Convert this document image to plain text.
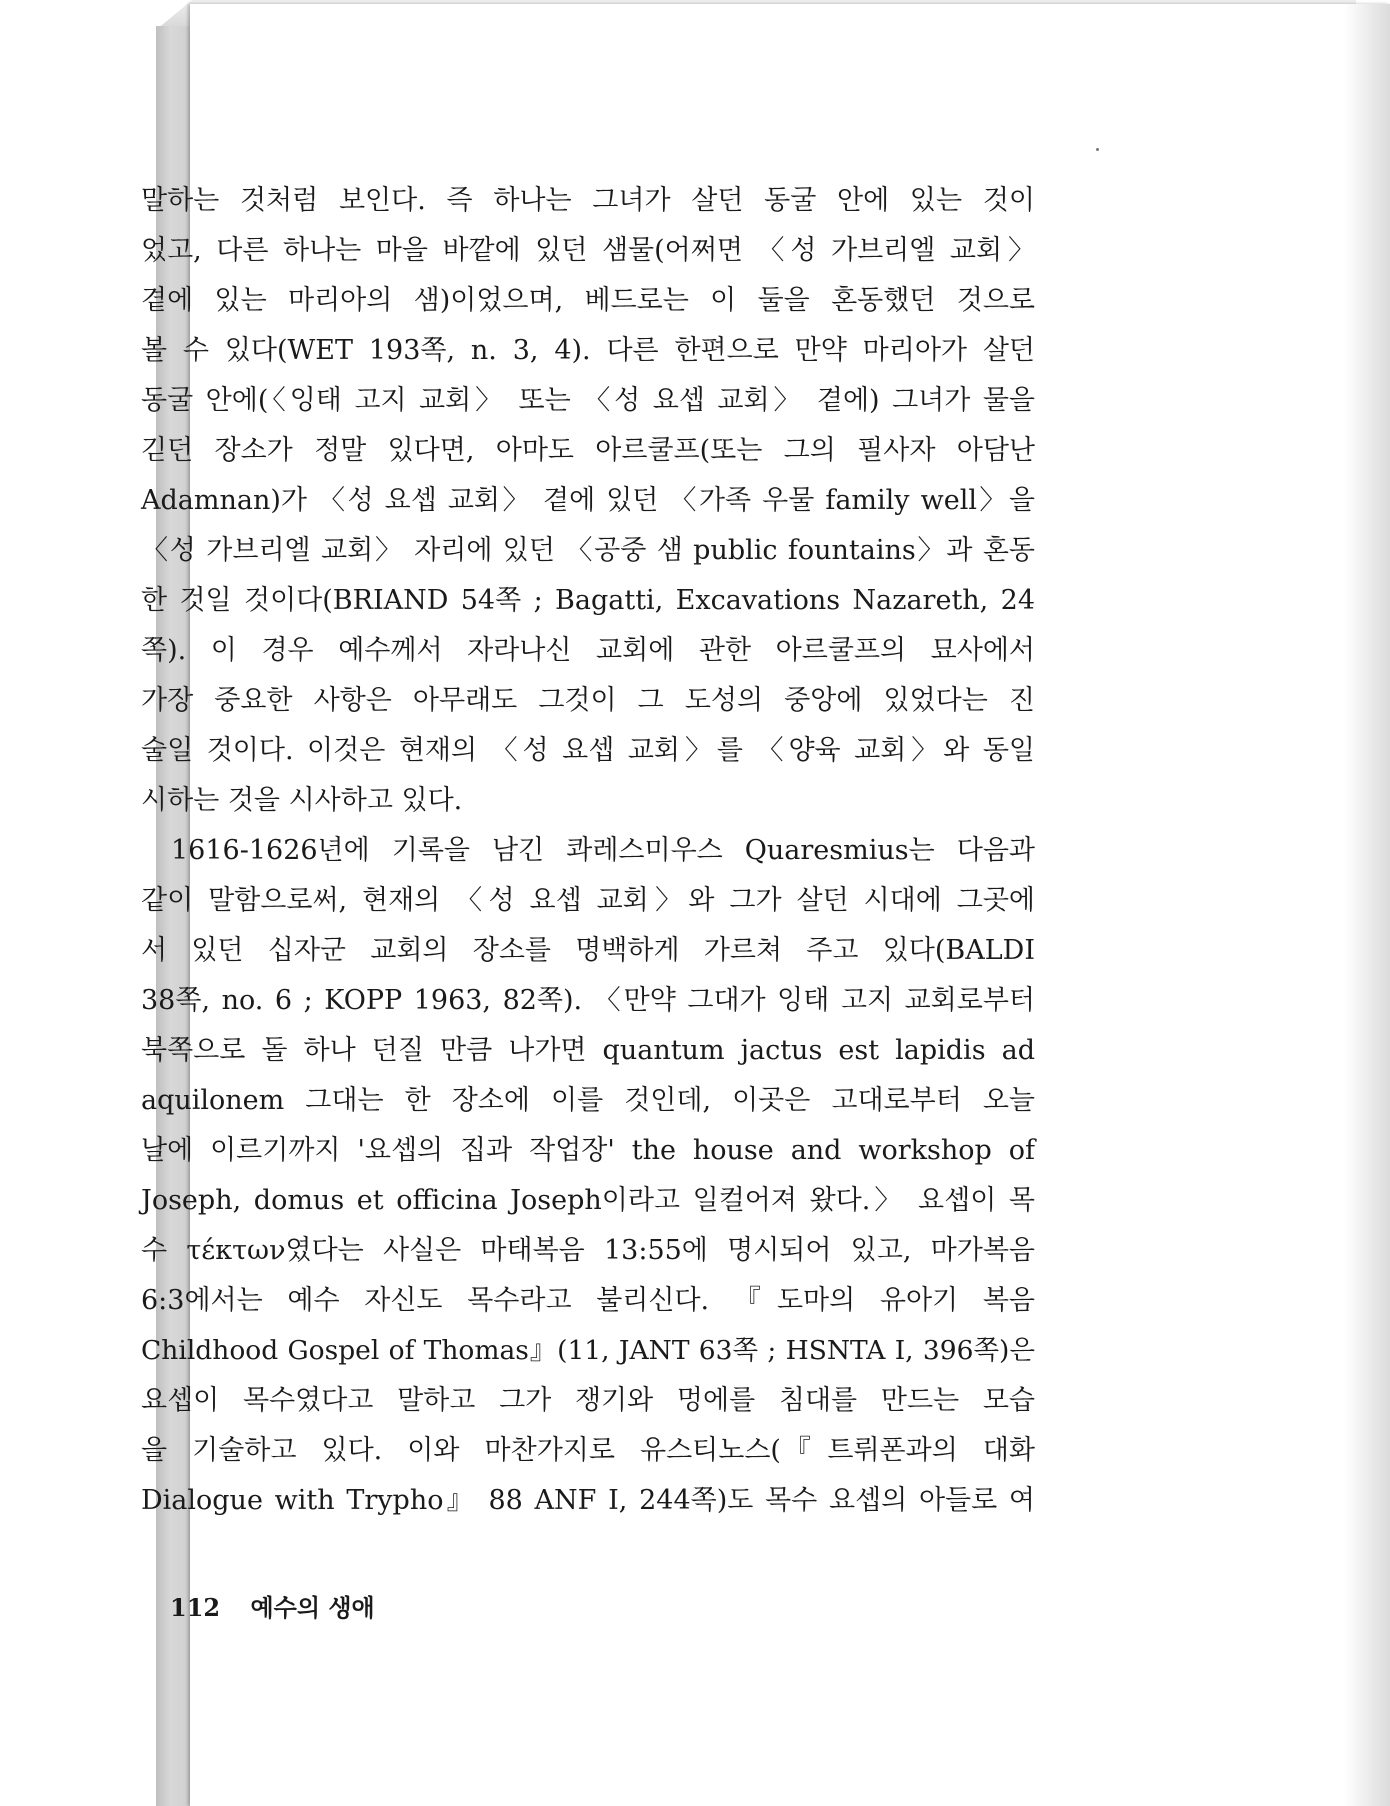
말하는 것처럼 보인다. 즉 하나는 그녀가 살던 동굴 안에 있는 것이
었고, 다른 하나는 마을 바깥에 있던 샘물(어쩌면 〈성 가브리엘 교회〉
곁에 있는 마리아의 샘)이었으며, 베드로는 이 둘을 혼동했던 것으로
볼 수 있다(WET 193쪽, n. 3, 4). 다른 한편으로 만약 마리아가 살던
동굴 안에(〈잉태 고지 교회〉 또는 〈성 요셉 교회〉 곁에) 그녀가 물을
긷던 장소가 정말 있다면, 아마도 아르쿨프(또는 그의 필사자 아담난
Adamnan)가 〈성 요셉 교회〉 곁에 있던 〈가족 우물 family well〉을
〈성 가브리엘 교회〉 자리에 있던 〈공중 샘 public fountains〉과 혼동
한 것일 것이다(BRIAND 54쪽 ; Bagatti, Excavations Nazareth, 24
쪽). 이 경우 예수께서 자라나신 교회에 관한 아르쿨프의 묘사에서
가장 중요한 사항은 아무래도 그것이 그 도성의 중앙에 있었다는 진
술일 것이다. 이것은 현재의 〈성 요셉 교회〉를 〈양육 교회〉와 동일
시하는 것을 시사하고 있다.

1616-1626년에 기록을 남긴 콰레스미우스 Quaresmius는 다음과
같이 말함으로써, 현재의 〈성 요셉 교회〉와 그가 살던 시대에 그곳에
서 있던 십자군 교회의 장소를 명백하게 가르쳐 주고 있다(BALDI
38쪽, no. 6 ; KOPP 1963, 82쪽). 〈만약 그대가 잉태 고지 교회로부터
북쪽으로 돌 하나 던질 만큼 나가면 quantum jactus est lapidis ad
aquilonem 그대는 한 장소에 이를 것인데, 이곳은 고대로부터 오늘
날에 이르기까지 '요셉의 집과 작업장' the house and workshop of
Joseph, domus et officina Joseph이라고 일컬어져 왔다.〉 요셉이 목
수 τέκτων였다는 사실은 마태복음 13:55에 명시되어 있고, 마가복음
6:3에서는 예수 자신도 목수라고 불리신다. 『도마의 유아기 복음
Childhood Gospel of Thomas』(11, JANT 63쪽 ; HSNTA I, 396쪽)은
요셉이 목수였다고 말하고 그가 쟁기와 멍에를 침대를 만드는 모습
을 기술하고 있다. 이와 마찬가지로 유스티노스(『트뤼폰과의 대화
Dialogue with Trypho』 88 ANF I, 244쪽)도 목수 요셉의 아들로 여

112 예수의 생애
